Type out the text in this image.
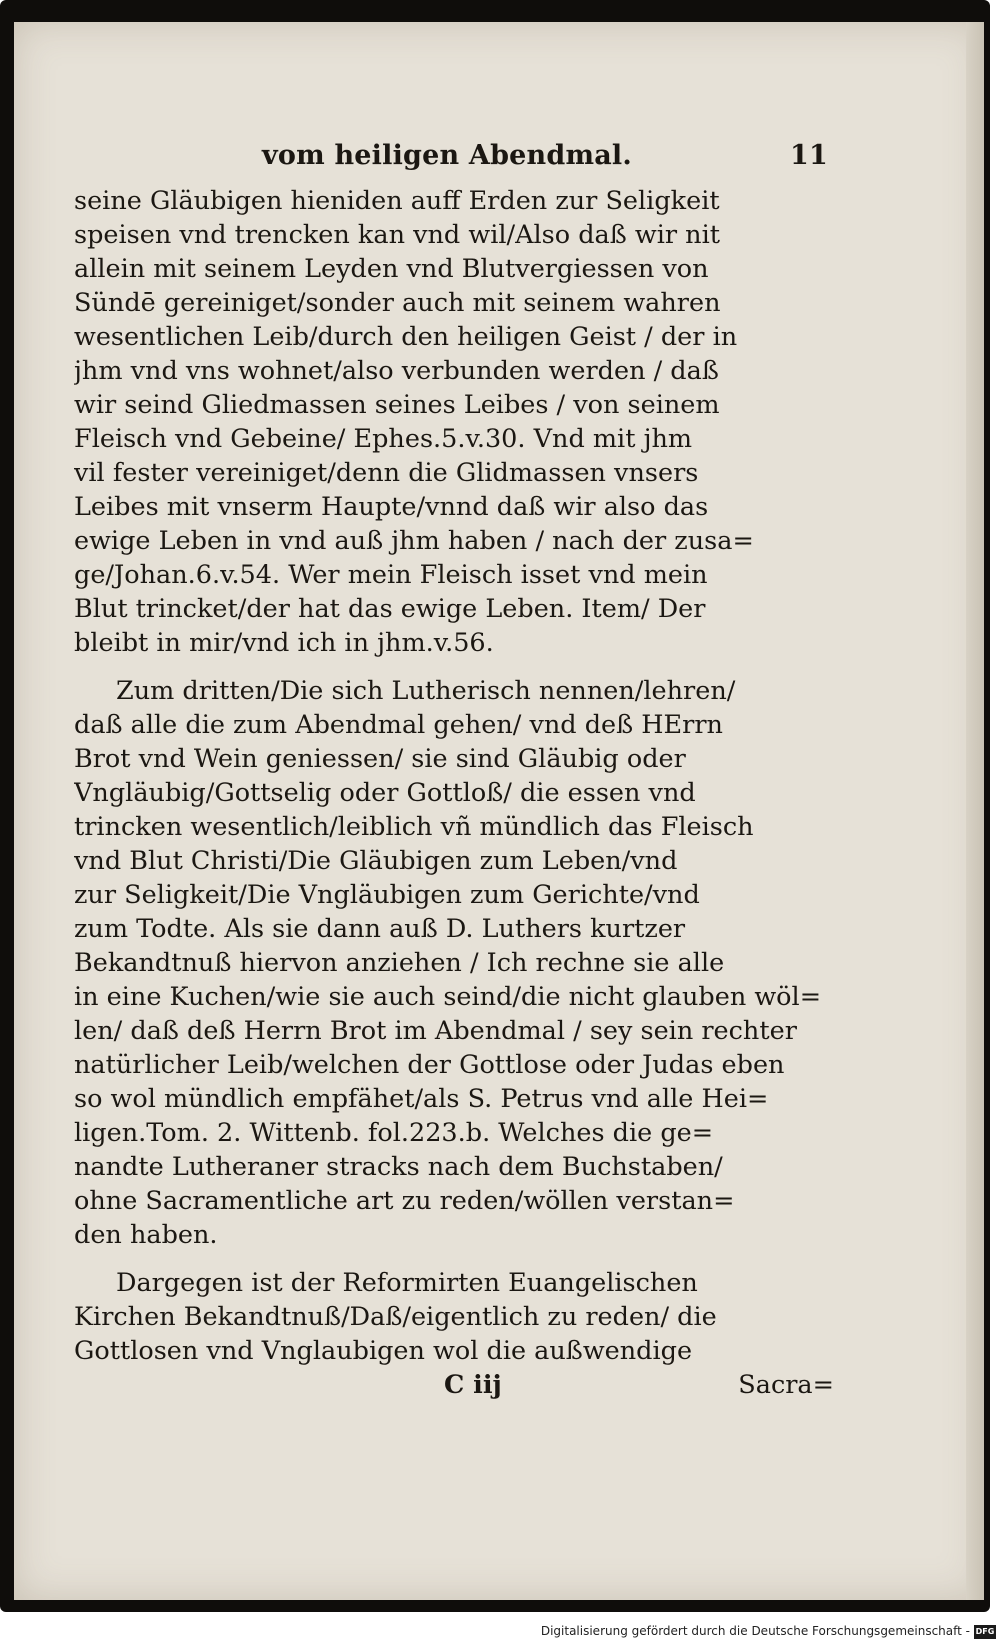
vom heiligen Abendmal.	11
seine Gläubigen hieniden auff Erden zur Seligkeit
speisen vnd trencken kan vnd wil/Also daß wir nit
allein mit seinem Leyden vnd Blutvergiessen von
Sündē gereiniget/sonder auch mit seinem wahren
wesentlichen Leib/durch den heiligen Geist / der in
jhm vnd vns wohnet/also verbunden werden / daß
wir seind Gliedmassen seines Leibes / von seinem
Fleisch vnd Gebeine/ Ephes.5.v.30. Vnd mit jhm
vil fester vereiniget/denn die Glidmassen vnsers
Leibes mit vnserm Haupte/vnnd daß wir also das
ewige Leben in vnd auß jhm haben / nach der zusa=
ge/Johan.6.v.54. Wer mein Fleisch isset vnd mein
Blut trincket/der hat das ewige Leben. Item/ Der
bleibt in mir/vnd ich in jhm.v.56.
Zum dritten/Die sich Lutherisch nennen/lehren/
daß alle die zum Abendmal gehen/ vnd deß HErrn
Brot vnd Wein geniessen/ sie sind Gläubig oder
Vngläubig/Gottselig oder Gottloß/ die essen vnd
trincken wesentlich/leiblich vñ mündlich das Fleisch
vnd Blut Christi/Die Gläubigen zum Leben/vnd
zur Seligkeit/Die Vngläubigen zum Gerichte/vnd
zum Todte. Als sie dann auß D. Luthers kurtzer
Bekandtnuß hiervon anziehen / Ich rechne sie alle
in eine Kuchen/wie sie auch seind/die nicht glauben wöl=
len/ daß deß Herrn Brot im Abendmal / sey sein rechter
natürlicher Leib/welchen der Gottlose oder Judas eben
so wol mündlich empfähet/als S. Petrus vnd alle Hei=
ligen.Tom. 2. Wittenb. fol.223.b. Welches die ge=
nandte Lutheraner stracks nach dem Buchstaben/
ohne Sacramentliche art zu reden/wöllen verstan=
den haben.
Dargegen ist der Reformirten Euangelischen
Kirchen Bekandtnuß/Daß/eigentlich zu reden/ die
Gottlosen vnd Vnglaubigen wol die außwendige
C iij	Sacra=
Digitalisierung gefördert durch die Deutsche Forschungsgemeinschaft - DFG
